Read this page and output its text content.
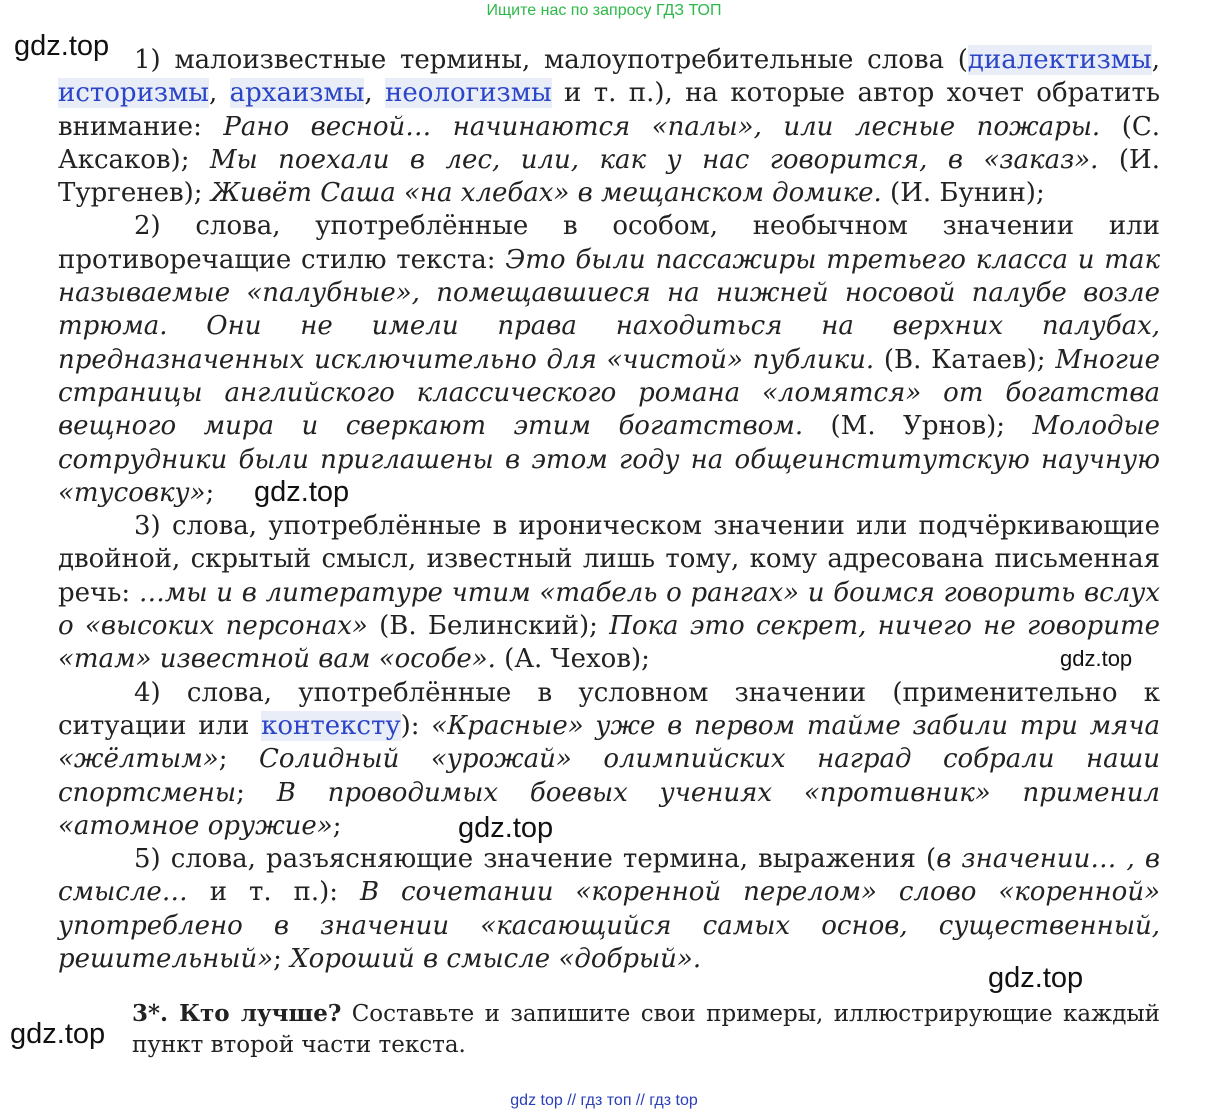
Ищите нас по запросу ГДЗ ТОП
gdz.top
gdz.top
gdz.top
gdz.top
gdz.top
gdz.top

1) малоизвестные термины, малоупотребительные слова (диалектизмы, историзмы, архаизмы, неологизмы и т. п.), на которые автор хочет обратить внимание: Рано весной… начинаются «палы», или лесные пожары. (С. Аксаков); Мы поехали в лес, или, как у нас говорится, в «заказ». (И. Тургенев); Живёт Саша «на хлебах» в мещанском домике. (И. Бунин);

2) слова, употреблённые в особом, необычном значении или противоречащие стилю текста: Это были пассажиры третьего класса и так называемые «палубные», помещавшиеся на нижней носовой палубе возле трюма. Они не имели права находиться на верхних палубах, предназначенных исключительно для «чистой» публики. (В. Катаев); Многие страницы английского классического романа «ломятся» от богатства вещного мира и сверкают этим богатством. (М. Урнов); Молодые сотрудники были приглашены в этом году на общеинститутскую научную «тусовку»;

3) слова, употреблённые в ироническом значении или подчёркивающие двойной, скрытый смысл, известный лишь тому, кому адресована письменная речь: …мы и в литературе чтим «табель о рангах» и боимся говорить вслух о «высоких персонах» (В. Белинский); Пока это секрет, ничего не говорите «там» известной вам «особе». (А. Чехов);

4) слова, употреблённые в условном значении (применительно к ситуации или контексту): «Красные» уже в первом тайме забили три мяча «жёлтым»; Солидный «урожай» олимпийских наград собрали наши спортсмены; В проводимых боевых учениях «противник» применил «атомное оружие»;

5) слова, разъясняющие значение термина, выражения (в значении… , в смысле… и т. п.): В сочетании «коренной перелом» слово «коренной» употреблено в значении «касающийся самых основ, существенный, решительный»; Хороший в смысле «добрый».

3*. Кто лучше? Составьте и запишите свои примеры, иллюстрирующие каждый пункт второй части текста.
gdz top // гдз топ // гдз top
